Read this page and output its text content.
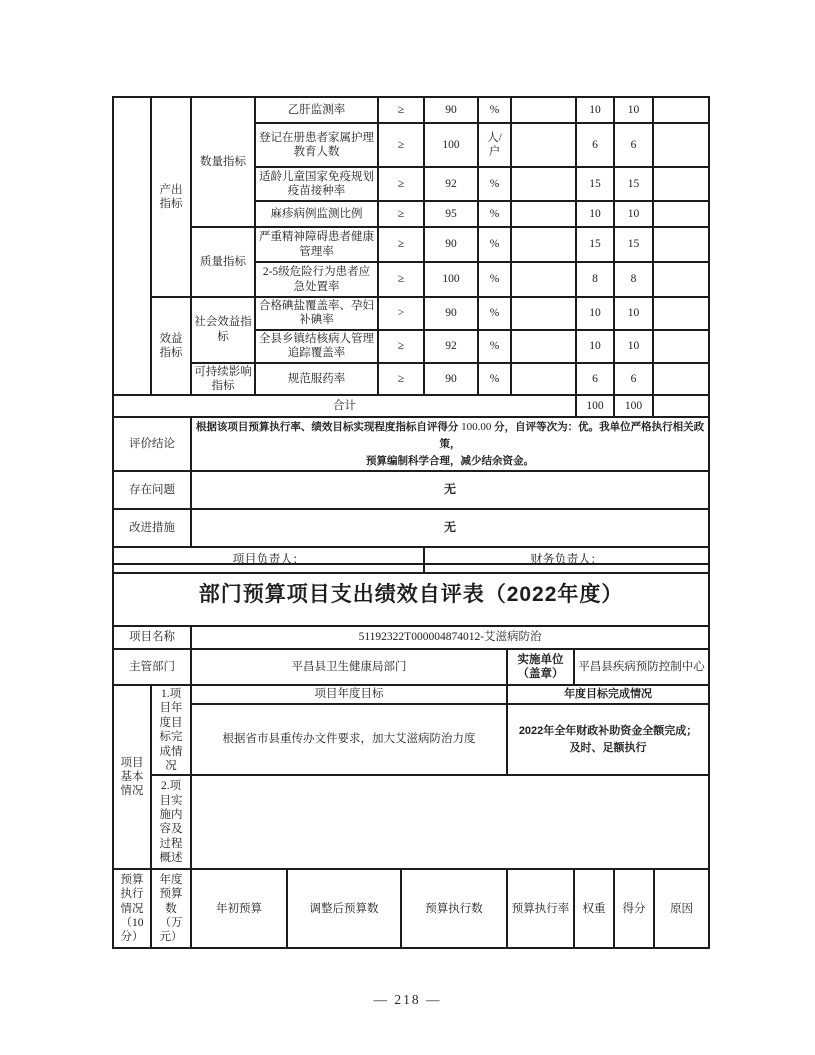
	产出指标	数量指标	乙肝监测率	≥	90	%		10	10	
			登记在册患者家属护理教育人数	≥	100	人/户		6	6	
			适龄儿童国家免疫规划疫苗接种率	≥	92	%		15	15	
			麻疹病例监测比例	≥	95	%		10	10	
		质量指标	严重精神障碍患者健康管理率	≥	90	%		15	15	
			2-5级危险行为患者应急处置率	≥	100	%		8	8	
	效益指标	社会效益指标	合格碘盐覆盖率、孕妇补碘率	>	90	%		10	10	
			全县乡镇结核病人管理追踪覆盖率	≥	92	%		10	10	
		可持续影响指标	规范服药率	≥	90	%		6	6	
合计								100	100	
评价结论		根据该项目预算执行率、绩效目标实现程度指标自评得分 100.00 分，自评等次为：优。我单位严格执行相关政策，
预算编制科学合理，减少结余资金。								
存在问题		无								
改进措施		无								
项目负责人：					财务负责人：					
部门预算项目支出绩效自评表（2022年度）								
项目名称		51192322T000004874012-艾滋病防治						
主管部门		平昌县卫生健康局部门			实施单位（盖章）	平昌县疾病预防控制中心		
项目基本情况	1.项目年度目标完成情况	项目年度目标			年度目标完成情况			
		根据省市县重传办文件要求，加大艾滋病防治力度			2022年全年财政补助资金全额完成；及时、足额执行			
	2.项目实施内容及过程概述							
预算执行情况（10分）	年度预算数（万元）	年初预算	调整后预算数	预算执行数	预算执行率	权重	得分	原因
— 218 —
